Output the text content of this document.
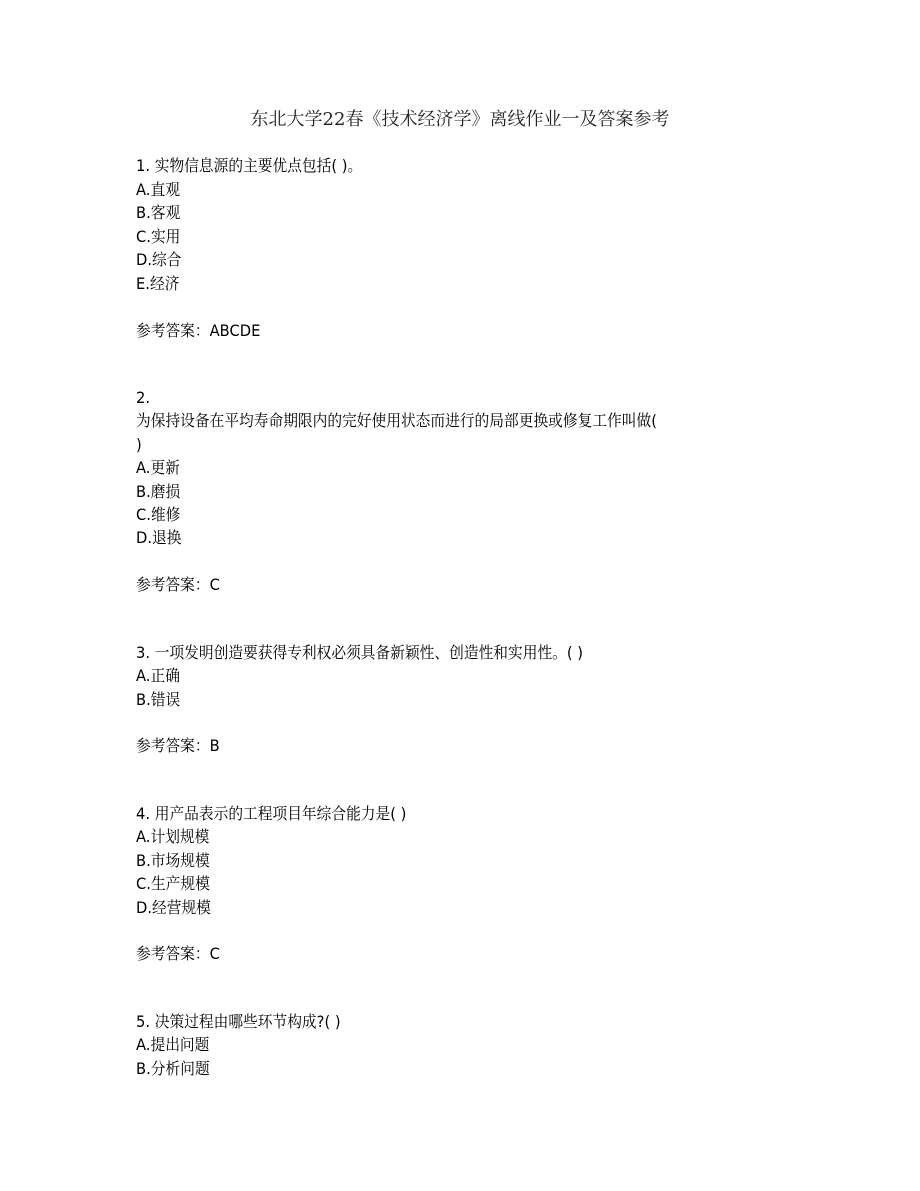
东北大学22春《技术经济学》离线作业一及答案参考
1. 实物信息源的主要优点包括( )。
A.直观
B.客观
C.实用
D.综合
E.经济
参考答案：ABCDE
2.
为保持设备在平均寿命期限内的完好使用状态而进行的局部更换或修复工作叫做(
)
A.更新
B.磨损
C.维修
D.退换
参考答案：C
3. 一项发明创造要获得专利权必须具备新颖性、创造性和实用性。( )
A.正确
B.错误
参考答案：B
4. 用产品表示的工程项目年综合能力是( )
A.计划规模
B.市场规模
C.生产规模
D.经营规模
参考答案：C
5. 决策过程由哪些环节构成?( )
A.提出问题
B.分析问题
